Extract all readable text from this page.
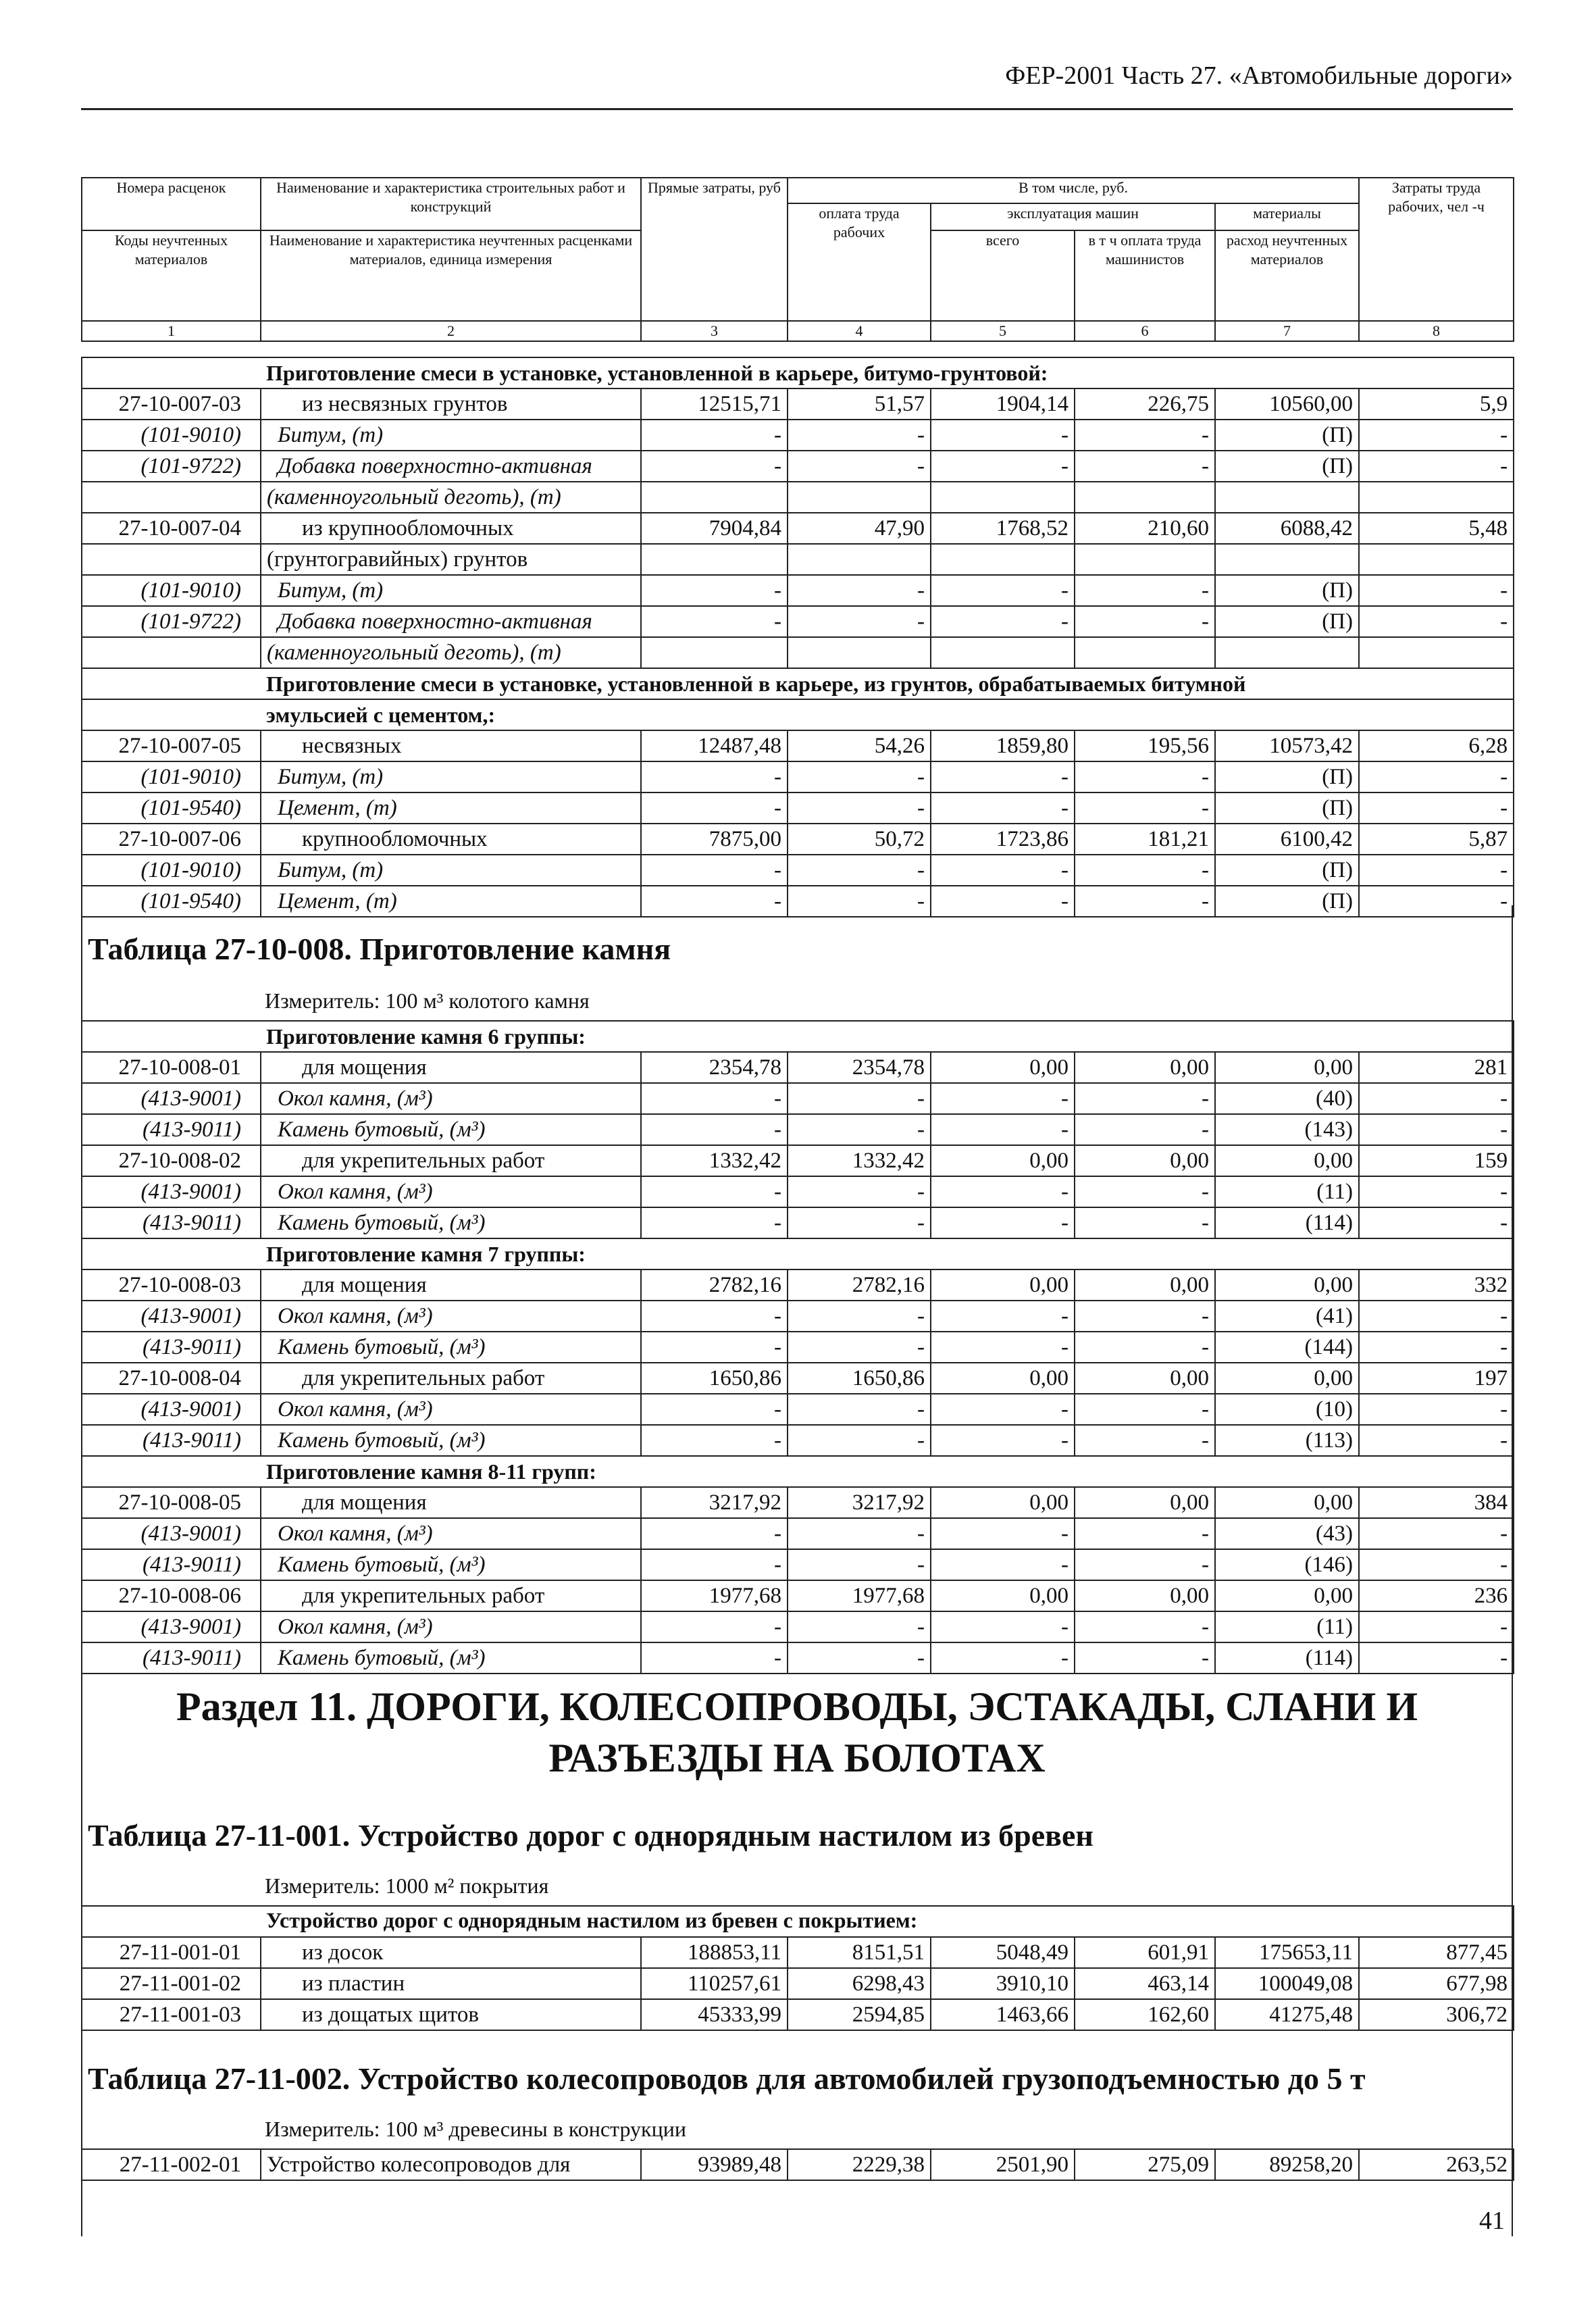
ФЕР-2001 Часть 27. «Автомобильные дороги»
Номера расценок	Наименование и характеристика строительных работ и конструкций	Прямые затраты, руб	В том числе, руб.				Затраты труда рабочих, чел -ч
			оплата труда рабочих	эксплуатация машин		материалы	
Коды неучтенных материалов	Наименование и характеристика неучтенных расценками материалов, единица измерения			всего	в т ч оплата труда машинистов	расход неучтенных материалов	

1	2	3	4	5	6	7	8
	Приготовление смеси в установке, установленной в карьере, битумо-грунтовой:						
27-10-007-03	из несвязных грунтов	12515,71	51,57	1904,14	226,75	10560,00	5,9
(101-9010)	Битум, (т)	-	-	-	-	(П)	-
(101-9722)	Добавка поверхностно-активная	-	-	-	-	(П)	-
	(каменноугольный деготь), (т)						
27-10-007-04	из крупнообломочных	7904,84	47,90	1768,52	210,60	6088,42	5,48
	(грунтогравийных) грунтов						
(101-9010)	Битум, (т)	-	-	-	-	(П)	-
(101-9722)	Добавка поверхностно-активная	-	-	-	-	(П)	-
	(каменноугольный деготь), (т)						
	Приготовление смеси в установке, установленной в карьере, из грунтов, обрабатываемых битумной						
	эмульсией с цементом,:						
27-10-007-05	несвязных	12487,48	54,26	1859,80	195,56	10573,42	6,28
(101-9010)	Битум, (т)	-	-	-	-	(П)	-
(101-9540)	Цемент, (т)	-	-	-	-	(П)	-
27-10-007-06	крупнообломочных	7875,00	50,72	1723,86	181,21	6100,42	5,87
(101-9010)	Битум, (т)	-	-	-	-	(П)	-
(101-9540)	Цемент, (т)	-	-	-	-	(П)	-
Таблица 27-10-008. Приготовление камня
Измеритель: 100 м³ колотого камня
	Приготовление камня 6 группы:						
27-10-008-01	для мощения	2354,78	2354,78	0,00	0,00	0,00	281
(413-9001)	Окол камня, (м³)	-	-	-	-	(40)	-
(413-9011)	Камень бутовый, (м³)	-	-	-	-	(143)	-
27-10-008-02	для укрепительных работ	1332,42	1332,42	0,00	0,00	0,00	159
(413-9001)	Окол камня, (м³)	-	-	-	-	(11)	-
(413-9011)	Камень бутовый, (м³)	-	-	-	-	(114)	-
	Приготовление камня 7 группы:						
27-10-008-03	для мощения	2782,16	2782,16	0,00	0,00	0,00	332
(413-9001)	Окол камня, (м³)	-	-	-	-	(41)	-
(413-9011)	Камень бутовый, (м³)	-	-	-	-	(144)	-
27-10-008-04	для укрепительных работ	1650,86	1650,86	0,00	0,00	0,00	197
(413-9001)	Окол камня, (м³)	-	-	-	-	(10)	-
(413-9011)	Камень бутовый, (м³)	-	-	-	-	(113)	-
	Приготовление камня 8-11 групп:						
27-10-008-05	для мощения	3217,92	3217,92	0,00	0,00	0,00	384
(413-9001)	Окол камня, (м³)	-	-	-	-	(43)	-
(413-9011)	Камень бутовый, (м³)	-	-	-	-	(146)	-
27-10-008-06	для укрепительных работ	1977,68	1977,68	0,00	0,00	0,00	236
(413-9001)	Окол камня, (м³)	-	-	-	-	(11)	-
(413-9011)	Камень бутовый, (м³)	-	-	-	-	(114)	-
Раздел 11. ДОРОГИ, КОЛЕСОПРОВОДЫ, ЭСТАКАДЫ, СЛАНИ И
РАЗЪЕЗДЫ НА БОЛОТАХ
Таблица 27-11-001. Устройство дорог с однорядным настилом из бревен
Измеритель: 1000 м² покрытия
	Устройство дорог с однорядным настилом из бревен с покрытием:						
27-11-001-01	из досок	188853,11	8151,51	5048,49	601,91	175653,11	877,45
27-11-001-02	из пластин	110257,61	6298,43	3910,10	463,14	100049,08	677,98
27-11-001-03	из дощатых щитов	45333,99	2594,85	1463,66	162,60	41275,48	306,72
Таблица 27-11-002. Устройство колесопроводов для автомобилей грузоподъемностью до 5 т
Измеритель: 100 м³ древесины в конструкции
27-11-002-01	Устройство колесопроводов для	93989,48	2229,38	2501,90	275,09	89258,20	263,52
41
